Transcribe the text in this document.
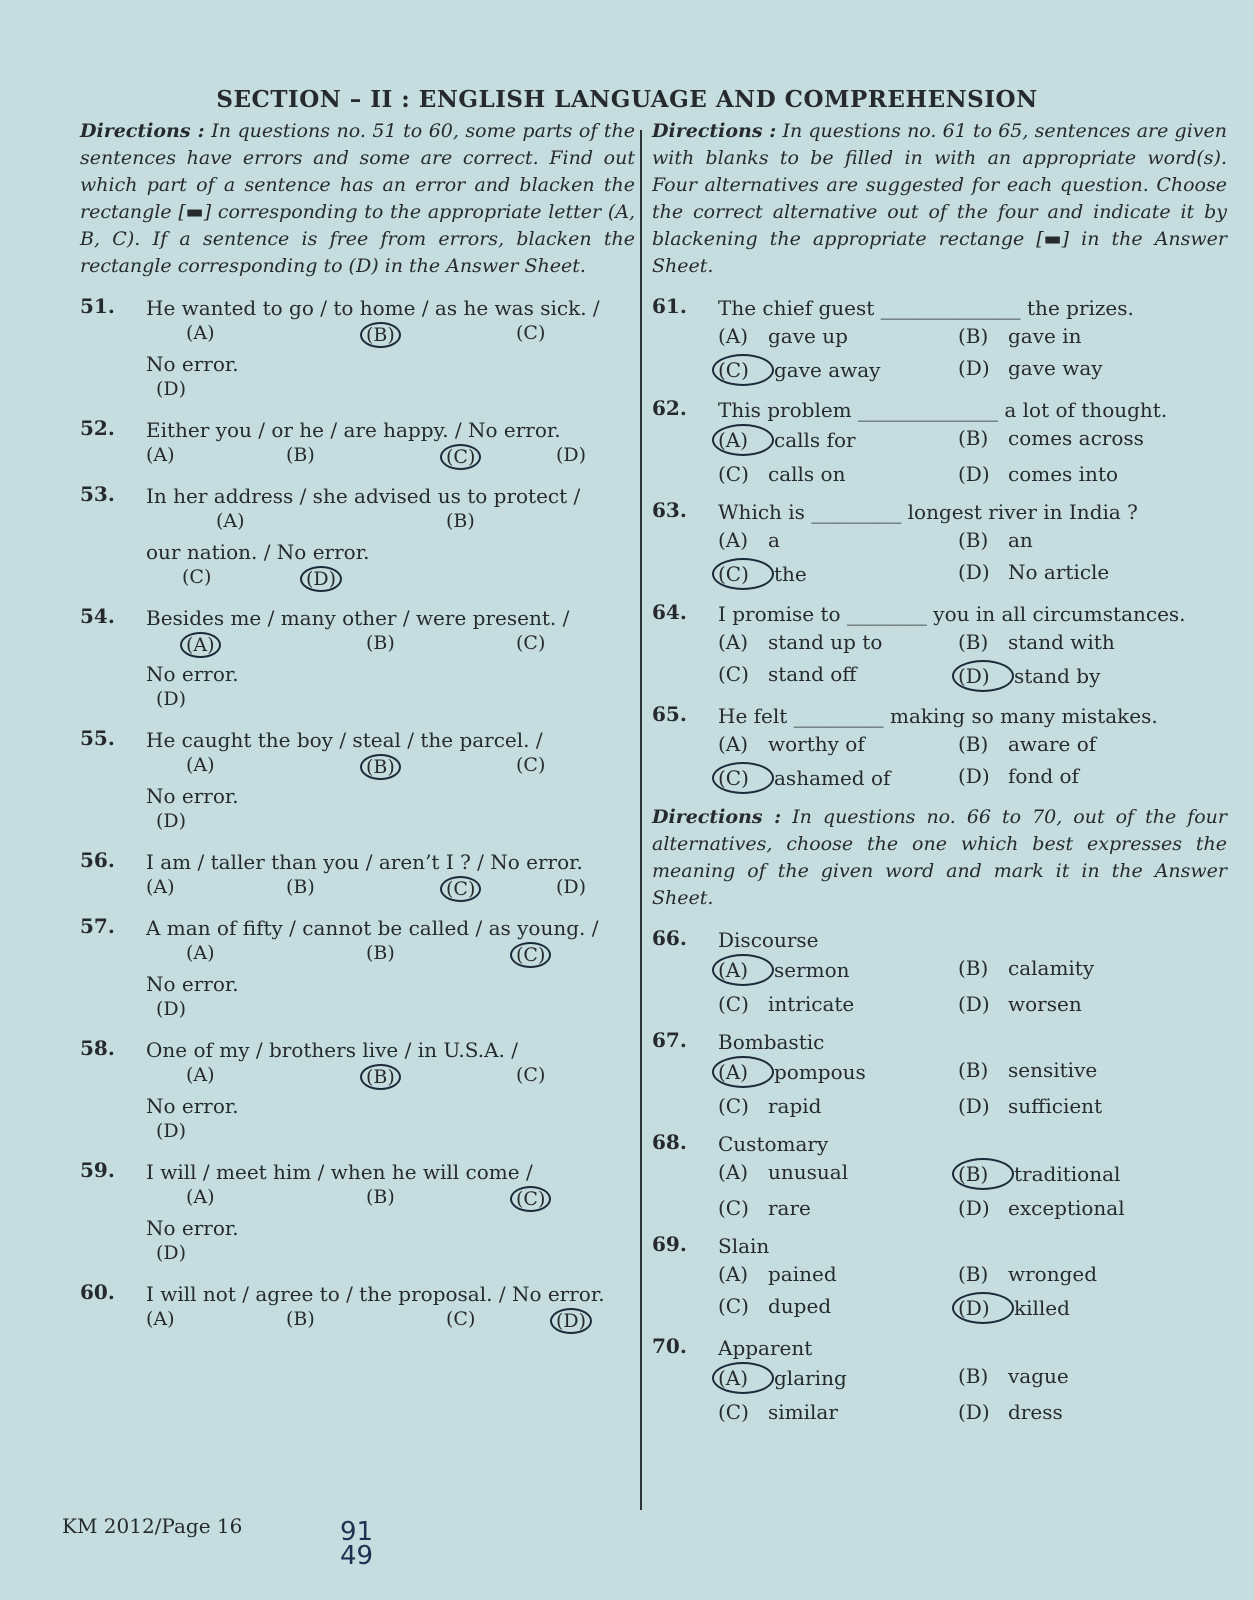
SECTION – II : ENGLISH LANGUAGE AND COMPREHENSION

Directions : In questions no. 51 to 60, some parts of the sentences have errors and some are correct. Find out which part of a sentence has an error and blacken the rectangle [▬] corresponding to the appropriate letter (A, B, C). If a sentence is free from errors, blacken the rectangle corresponding to (D) in the Answer Sheet.

51.	He wanted to go / to home / as he was sick. /
(A)	(B)	(C)
No error.
(D)
52.	Either you / or he / are happy. / No error.
(A)	(B)	(C)	(D)
53.	In her address / she advised us to protect /
(A)	(B)
our nation. / No error.
(C)	(D)
54.	Besides me / many other / were present. /
(A)	(B)	(C)
No error.
(D)
55.	He caught the boy / steal / the parcel. /
(A)	(B)	(C)
No error.
(D)
56.	I am / taller than you / aren’t I ? / No error.
(A)	(B)	(C)	(D)
57.	A man of fifty / cannot be called / as young. /
(A)	(B)	(C)
No error.
(D)
58.	One of my / brothers live / in U.S.A. /
(A)	(B)	(C)
No error.
(D)
59.	I will / meet him / when he will come /
(A)	(B)	(C)
No error.
(D)
60.	I will not / agree to / the proposal. / No error.
(A)	(B)	(C)	(D)

Directions : In questions no. 61 to 65, sentences are given with blanks to be filled in with an appropriate word(s). Four alternatives are suggested for each question. Choose the correct alternative out of the four and indicate it by blackening the appropriate rectange [▬] in the Answer Sheet.

61.	The chief guest ______________ the prizes.
(A) gave up	(B) gave in
(C) gave away	(D) gave way
62.	This problem ______________ a lot of thought.
(A) calls for	(B) comes across
(C) calls on	(D) comes into
63.	Which is _________ longest river in India ?
(A) a	(B) an
(C) the	(D) No article
64.	I promise to ________ you in all circumstances.
(A) stand up to	(B) stand with
(C) stand off	(D) stand by
65.	He felt _________ making so many mistakes.
(A) worthy of	(B) aware of
(C) ashamed of	(D) fond of

Directions : In questions no. 66 to 70, out of the four alternatives, choose the one which best expresses the meaning of the given word and mark it in the Answer Sheet.

66.	Discourse
(A) sermon	(B) calamity
(C) intricate	(D) worsen
67.	Bombastic
(A) pompous	(B) sensitive
(C) rapid	(D) sufficient
68.	Customary
(A) unusual	(B) traditional
(C) rare	(D) exceptional
69.	Slain
(A) pained	(B) wronged
(C) duped	(D) killed
70.	Apparent
(A) glaring	(B) vague
(C) similar	(D) dress
KM 2012/Page 16	91
49
